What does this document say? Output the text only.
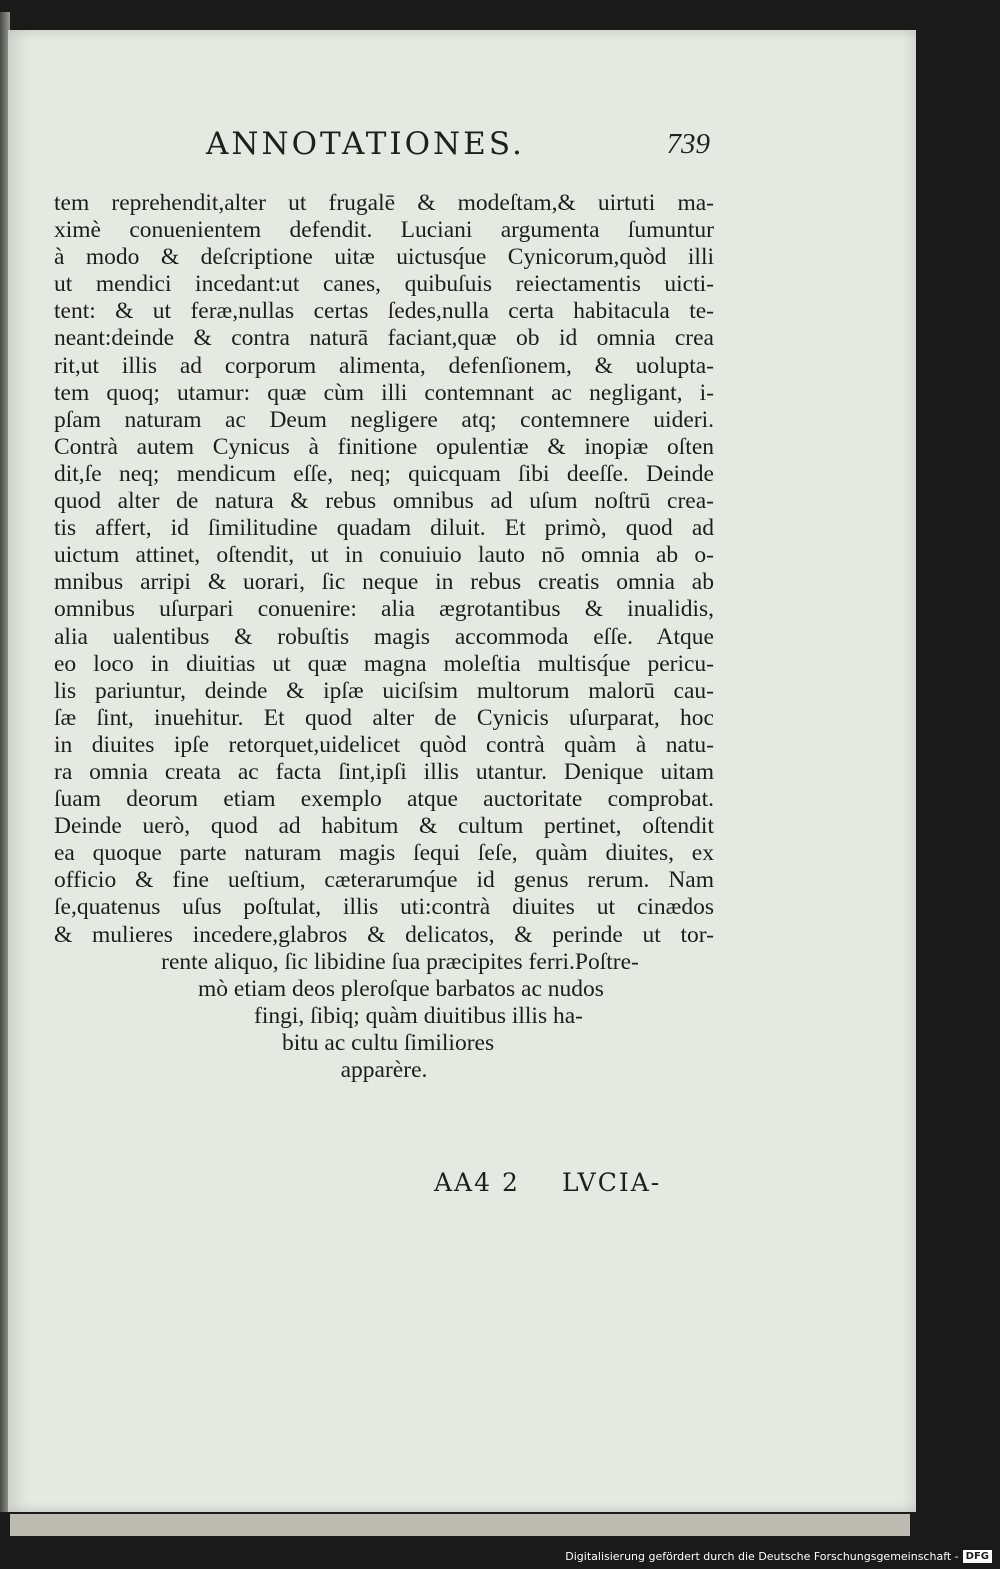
ANNOTATIONES.	739
tem reprehendit,alter ut frugalē & modeſtam,& uirtuti ma-
ximè conuenientem defendit. Luciani argumenta ſumuntur
à modo & deſcriptione uitæ uictusq́ue Cynicorum,quòd illi
ut mendici incedant:ut canes, quibuſuis reiectamentis uicti-
tent: & ut feræ,nullas certas ſedes,nulla certa habitacula te-
neant:deinde & contra naturā faciant,quæ ob id omnia crea
rit,ut illis ad corporum alimenta, defenſionem, & uolupta-
tem quoq; utamur: quæ cùm illi contemnant ac negligant, i-
pſam naturam ac Deum negligere atq; contemnere uideri.
Contrà autem Cynicus à finitione opulentiæ & inopiæ oſten
dit,ſe neq; mendicum eſſe, neq; quicquam ſibi deeſſe. Deinde
quod alter de natura & rebus omnibus ad uſum noſtrū crea-
tis affert, id ſimilitudine quadam diluit. Et primò, quod ad
uictum attinet, oſtendit, ut in conuiuio lauto nō omnia ab o-
mnibus arripi & uorari, ſic neque in rebus creatis omnia ab
omnibus uſurpari conuenire: alia ægrotantibus & inualidis,
alia ualentibus & robuſtis magis accommoda eſſe. Atque
eo loco in diuitias ut quæ magna moleſtia multisq́ue pericu-
lis pariuntur, deinde & ipſæ uiciſsim multorum malorū cau-
ſæ ſint, inuehitur. Et quod alter de Cynicis uſurparat, hoc
in diuites ipſe retorquet,uidelicet quòd contrà quàm à natu-
ra omnia creata ac facta ſint,ipſi illis utantur. Denique uitam
ſuam deorum etiam exemplo atque auctoritate comprobat.
Deinde uerò, quod ad habitum & cultum pertinet, oſtendit
ea quoque parte naturam magis ſequi ſeſe, quàm diuites, ex
officio & fine ueſtium, cæterarumq́ue id genus rerum. Nam
ſe,quatenus uſus poſtulat, illis uti:contrà diuites ut cinædos
& mulieres incedere,glabros & delicatos, & perinde ut tor-
rente aliquo, ſic libidine ſua præcipites ferri.Poſtre-
mò etiam deos pleroſque barbatos ac nudos
fingi, ſibiq; quàm diuitibus illis ha-
bitu ac cultu ſimiliores
apparère.
AA4 2 LVCIA-
Digitalisierung gefördert durch die Deutsche Forschungsgemeinschaft - DFG
